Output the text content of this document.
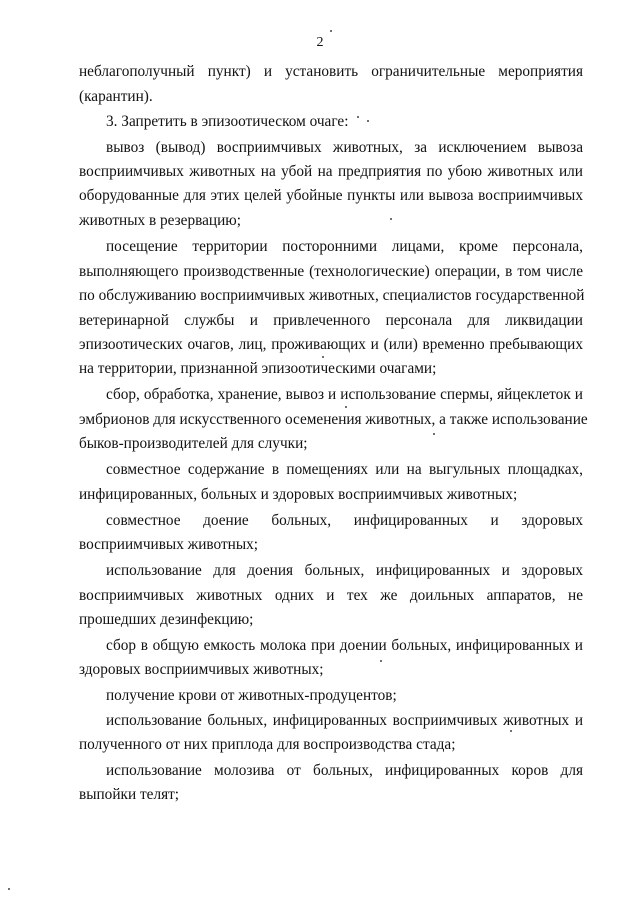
2
неблагополучный пункт) и установить ограничительные мероприятия
(карантин).
3. Запретить в эпизоотическом очаге:
вывоз (вывод) восприимчивых животных, за исключением вывоза
восприимчивых животных на убой на предприятия по убою животных или
оборудованные для этих целей убойные пункты или вывоза восприимчивых
животных в резервацию;
посещение территории посторонними лицами, кроме персонала,
выполняющего производственные (технологические) операции, в том числе
по обслуживанию восприимчивых животных, специалистов государственной
ветеринарной службы и привлеченного персонала для ликвидации
эпизоотических очагов, лиц, проживающих и (или) временно пребывающих
на территории, признанной эпизоотическими очагами;
сбор, обработка, хранение, вывоз и использование спермы, яйцеклеток и
эмбрионов для искусственного осеменения животных, а также использование
быков-производителей для случки;
совместное содержание в помещениях или на выгульных площадках,
инфицированных, больных и здоровых восприимчивых животных;
совместное доение больных, инфицированных и здоровых
восприимчивых животных;
использование для доения больных, инфицированных и здоровых
восприимчивых животных одних и тех же доильных аппаратов, не
прошедших дезинфекцию;
сбор в общую емкость молока при доении больных, инфицированных и
здоровых восприимчивых животных;
получение крови от животных-продуцентов;
использование больных, инфицированных восприимчивых животных и
полученного от них приплода для воспроизводства стада;
использование молозива от больных, инфицированных коров для
выпойки телят;
